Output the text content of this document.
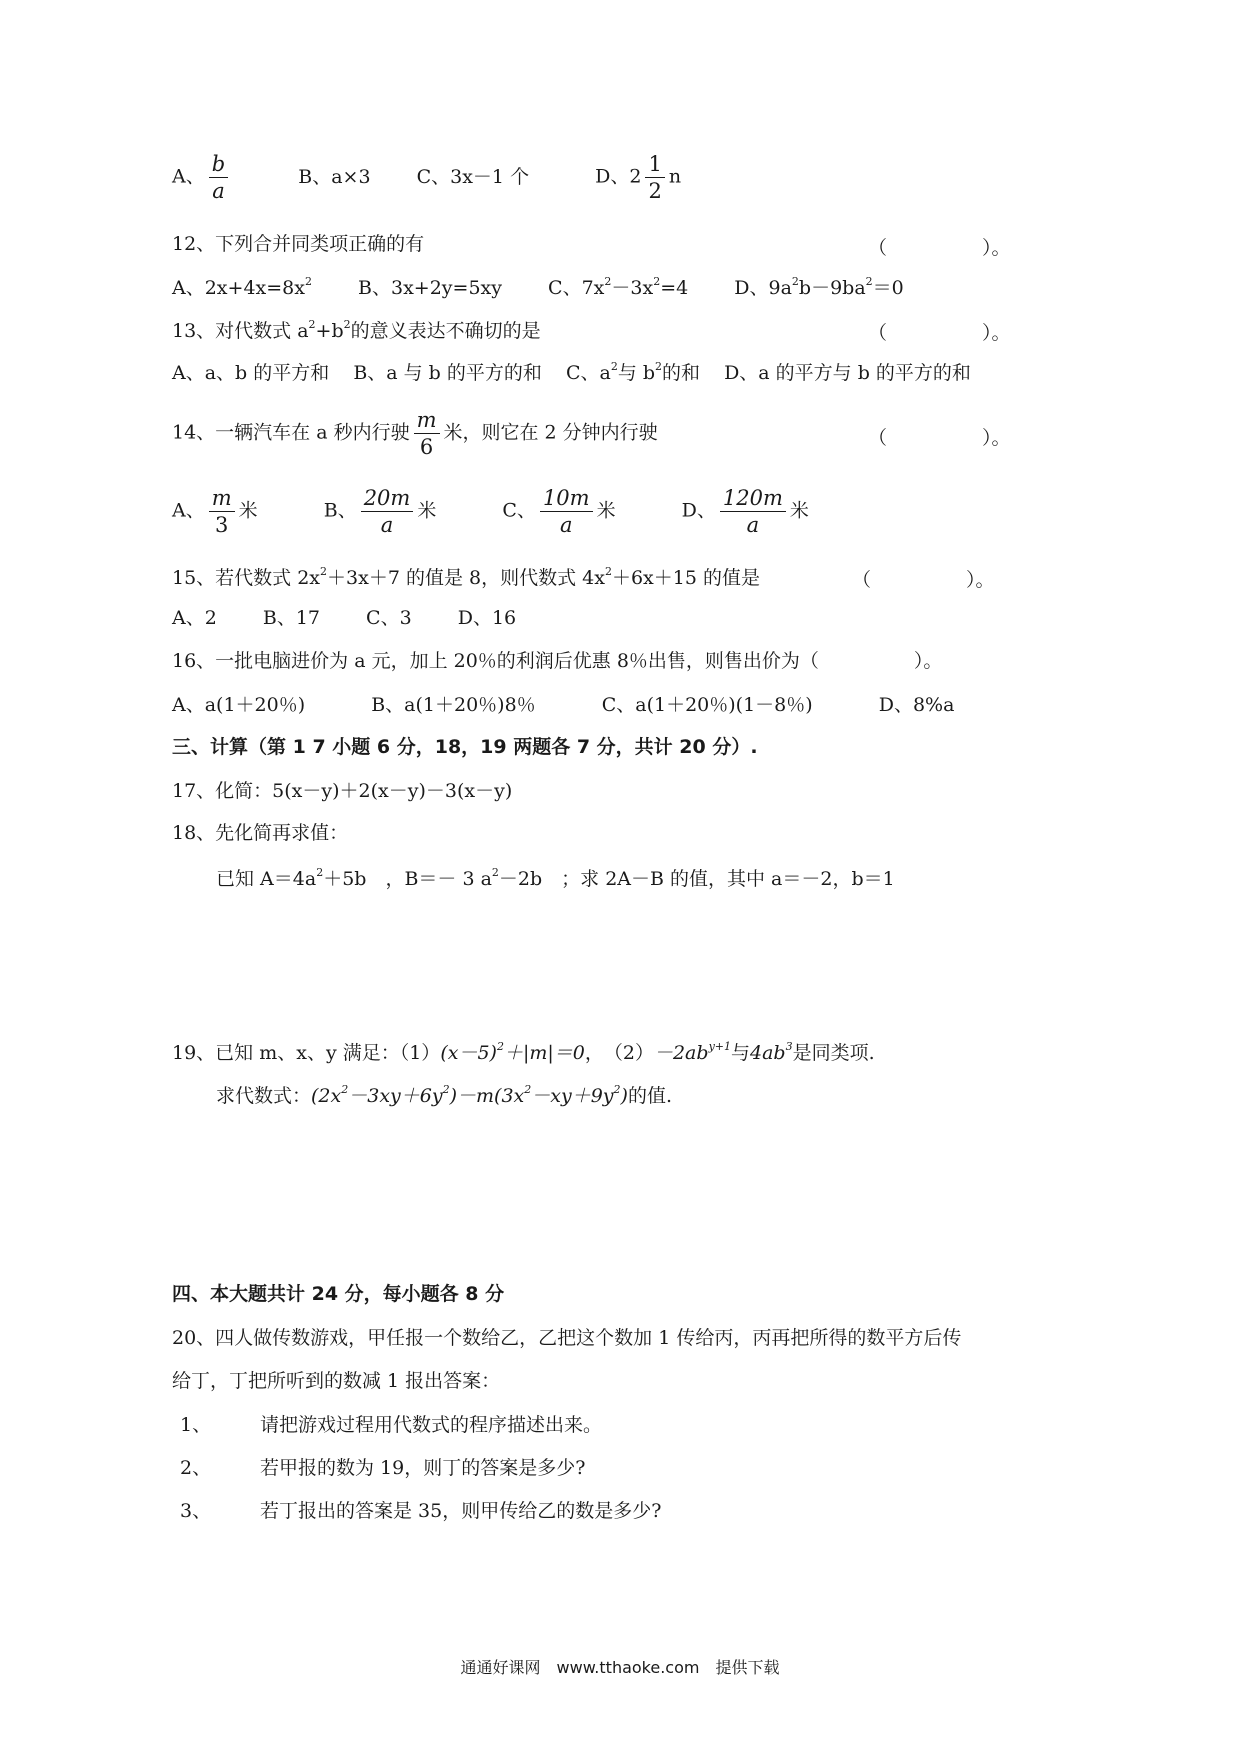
A、 $\frac{b}{a}$	B、a×3 C、3x－1 个	D、$2 \frac{1}{2}$ n
12、下列合并同类项正确的有	（　　　　　）。
A、$2x+4x=8x^2$ B、3x+2y=5xy C、$7x^2-3x^2=4$ D、$9a^2b-9ba^2=0$
13、对代数式 $a^2+b^2$的意义表达不确切的是	（　　　　　）。
A、a、b 的平方和 B、a 与 b 的平方的和 C、$a^2$与 $b^2$的和 D、a 的平方与 b 的平方的和
14、一辆汽车在 a 秒内行驶 $\frac{m}{6}$ 米，则它在 2 分钟内行驶	（　　　　　）。
A、 $\frac{m}{3}$ 米	B、 $\frac{20m}{a}$ 米	C、 $\frac{10m}{a}$ 米	D、 $\frac{120m}{a}$ 米
15、若代数式 $2x^2+3x+7$ 的值是 8，则代数式 $4x^2+6x+15$ 的值是	（　　　　　）。
A、2 B、17 C、3 D、16
16、一批电脑进价为 a 元，加上 20％的利润后优惠 8％出售，则售出价为（　　　　　）。
A、a(1＋20％)	B、a(1＋20％)8％	C、a(1＋20％)(1－8％)	D、8%a
三、计算（第 1 7 小题 6 分，18，19 两题各 7 分，共计 20 分）.
17、化简：5(x－y)＋2(x－y)－3(x－y)
18、先化简再求值：
已知 $A=4a^2+5b$　，B＝－ 3 $a^2-2b$　；求 2A－B 的值，其中 a＝－2，b＝1
19、已知 m、x、y 满足：$(1)(x-5)^2+|m|=0$，　$(2)-2ab^{y+1}$与$4ab^3$是同类项.
求代数式：$(2x^2-3xy+6y^2)-m(3x^2-xy+9y^2)$的值.
四、本大题共计 24 分，每小题各 8 分
20、四人做传数游戏，甲任报一个数给乙，乙把这个数加 1 传给丙，丙再把所得的数平方后传
给丁，丁把所听到的数减 1 报出答案：
1、	请把游戏过程用代数式的程序描述出来。
2、	若甲报的数为 19，则丁的答案是多少?
3、	若丁报出的答案是 35，则甲传给乙的数是多少?
通通好课网　www.tthaoke.com　提供下载
